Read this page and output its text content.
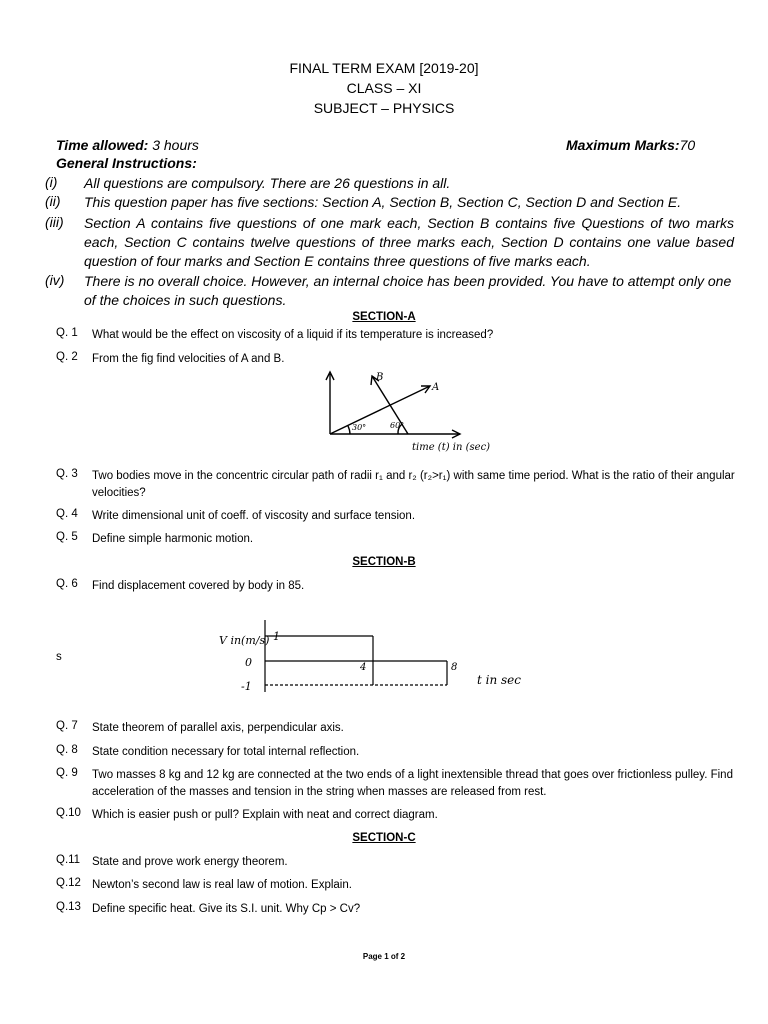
FINAL TERM EXAM [2019-20]
CLASS – XI
SUBJECT – PHYSICS
Time allowed: 3 hours	Maximum Marks:70
General Instructions:
(i) All questions are compulsory. There are 26 questions in all.
(ii) This question paper has five sections: Section A, Section B, Section C, Section D and Section E.
(iii) Section A contains five questions of one mark each, Section B contains five Questions of two marks each, Section C contains twelve questions of three marks each, Section D contains one value based question of four marks and Section E contains three questions of five marks each.
(iv) There is no overall choice. However, an internal choice has been provided. You have to attempt only one of the choices in such questions.
SECTION-A
Q. 1 What would be the effect on viscosity of a liquid if its temperature is increased?
Q. 2 From the fig find velocities of A and B.
B
A
30°	60°
time (t) in (sec)
Q. 3 Two bodies move in the concentric circular path of radii r₁ and r₂ (r₂>r₁) with same time period. What is the ratio of their angular velocities?
Q. 4 Write dimensional unit of coeff. of viscosity and surface tension.
Q. 5 Define simple harmonic motion.
SECTION-B
Q. 6 Find displacement covered by body in 85.
s
V in(m/s) 1
0
-1
4	8
t in sec
Q. 7 State theorem of parallel axis, perpendicular axis.
Q. 8 State condition necessary for total internal reflection.
Q. 9 Two masses 8 kg and 12 kg are connected at the two ends of a light inextensible thread that goes over frictionless pulley. Find acceleration of the masses and tension in the string when masses are released from rest.
Q.10 Which is easier push or pull? Explain with neat and correct diagram.
SECTION-C
Q.11 State and prove work energy theorem.
Q.12 Newton’s second law is real law of motion. Explain.
Q.13 Define specific heat. Give its S.I. unit. Why Cp > Cv?
Page 1 of 2
